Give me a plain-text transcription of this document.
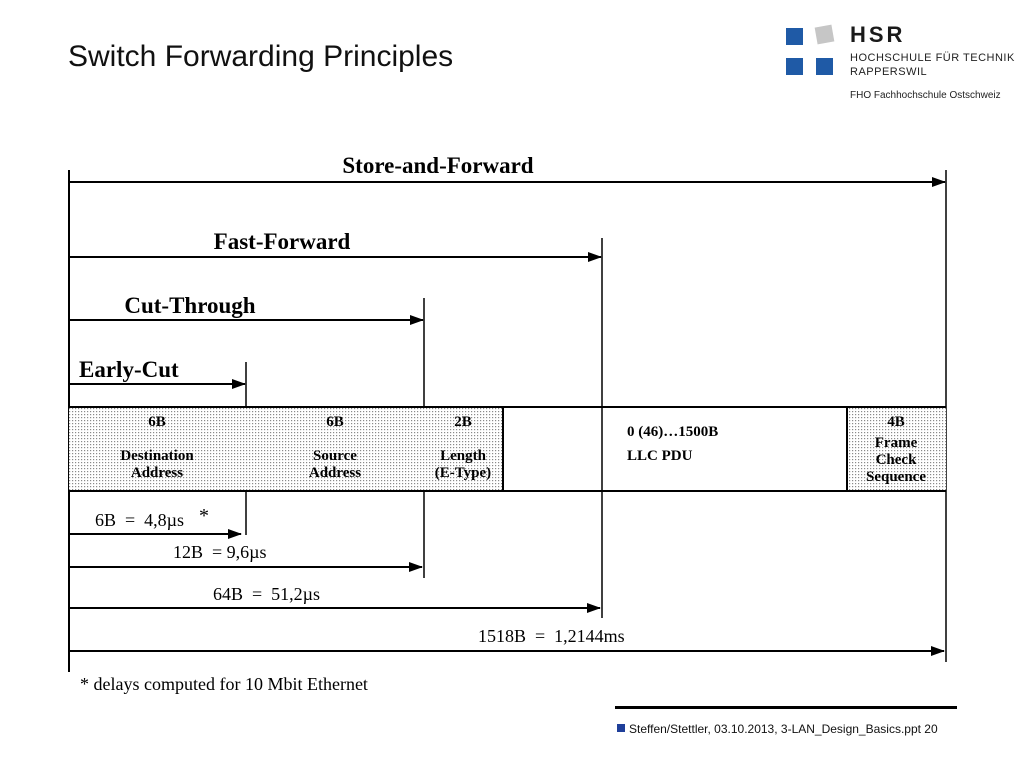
Switch Forwarding Principles
HSR
HOCHSCHULE FÜR TECHNIK
RAPPERSWIL
FHO Fachhochschule Ostschweiz
Store-and-Forward
Fast-Forward
Cut-Through
Early-Cut
6B
Destination
Address
6B
Source
Address
2B
Length
(E-Type)
4B
Frame
Check
Sequence
0 (46)…1500B
LLC PDU
6B  =  4,8µs *
12B  = 9,6µs
64B  =  51,2µs
1518B  =  1,2144ms
* delays computed for 10 Mbit Ethernet
Steffen/Stettler, 03.10.2013, 3-LAN_Design_Basics.ppt 20
